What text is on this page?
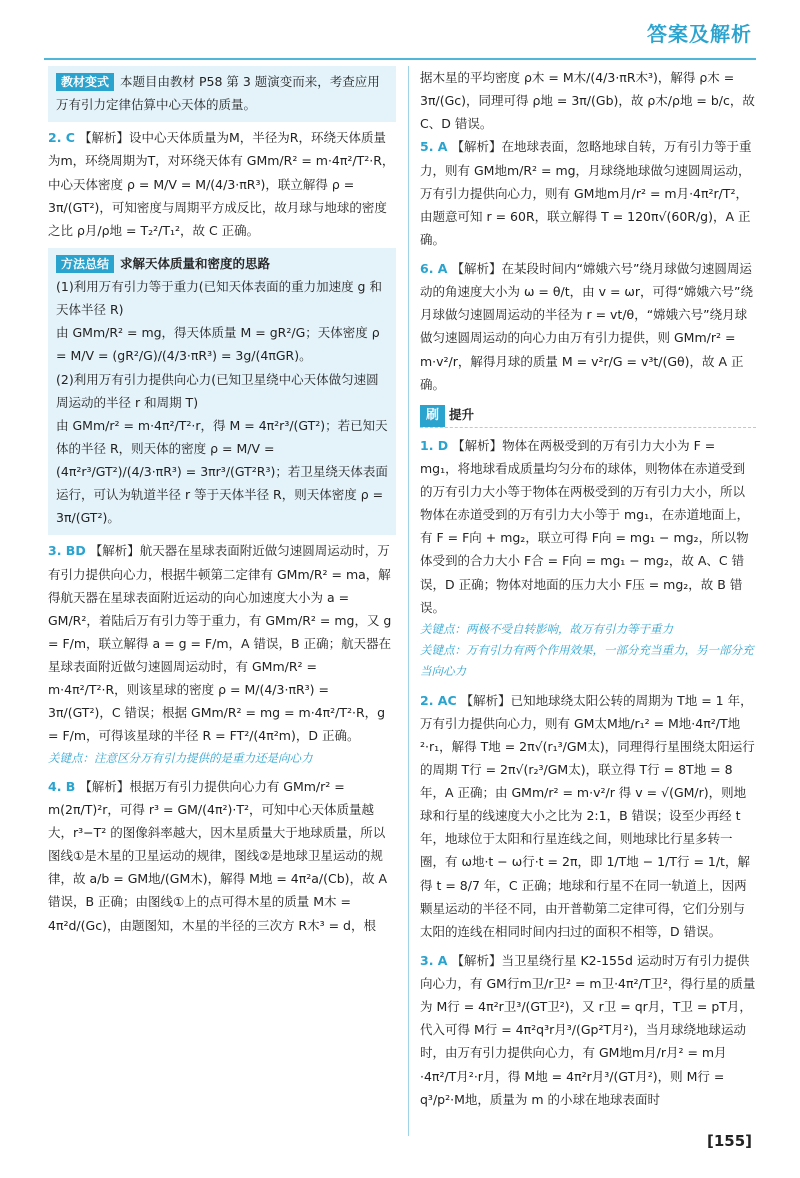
答案及解析
教材变式 本题目由教材 P58 第 3 题演变而来，考查应用万有引力定律估算中心天体的质量。
2. C 【解析】设中心天体质量为M，半径为R，环绕天体质量为m，环绕周期为T，对环绕天体有 GMm/R² = m·4π²/T²·R，中心天体密度 ρ = M/V = M/(4/3·πR³)，联立解得 ρ = 3π/(GT²)，可知密度与周期平方成反比，故月球与地球的密度之比 ρ月/ρ地 = T₂²/T₁²，故 C 正确。
方法总结 求解天体质量和密度的思路

(1)利用万有引力等于重力(已知天体表面的重力加速度 g 和天体半径 R)

由 GMm/R² = mg，得天体质量 M = gR²/G；天体密度 ρ = M/V = (gR²/G)/(4/3·πR³) = 3g/(4πGR)。

(2)利用万有引力提供向心力(已知卫星绕中心天体做匀速圆周运动的半径 r 和周期 T)

由 GMm/r² = m·4π²/T²·r，得 M = 4π²r³/(GT²)；若已知天体的半径 R，则天体的密度 ρ = M/V = (4π²r³/GT²)/(4/3·πR³) = 3πr³/(GT²R³)；若卫星绕天体表面运行，可认为轨道半径 r 等于天体半径 R，则天体密度 ρ = 3π/(GT²)。

3. BD 【解析】航天器在星球表面附近做匀速圆周运动时，万有引力提供向心力，根据牛顿第二定律有 GMm/R² = ma，解得航天器在星球表面附近运动的向心加速度大小为 a = GM/R²，着陆后万有引力等于重力，有 GMm/R² = mg，又 g = F/m，联立解得 a = g = F/m，A 错误，B 正确；航天器在星球表面附近做匀速圆周运动时，有 GMm/R² = m·4π²/T²·R，则该星球的密度 ρ = M/(4/3·πR³) = 3π/(GT²)，C 错误；根据 GMm/R² = mg = m·4π²/T²·R，g = F/m，可得该星球的半径 R = FT²/(4π²m)，D 正确。
关键点：注意区分万有引力提供的是重力还是向心力
4. B 【解析】根据万有引力提供向心力有 GMm/r² = m(2π/T)²r，可得 r³ = GM/(4π²)·T²，可知中心天体质量越大，r³−T² 的图像斜率越大，因木星质量大于地球质量，所以图线①是木星的卫星运动的规律，图线②是地球卫星运动的规律，故 a/b = GM地/(GM木)，解得 M地 = 4π²a/(Cb)，故 A 错误，B 正确；由图线①上的点可得木星的质量 M木 = 4π²d/(Gc)，由题图知，木星的半径的三次方 R木³ = d，根

据木星的平均密度 ρ木 = M木/(4/3·πR木³)，解得 ρ木 = 3π/(Gc)，同理可得 ρ地 = 3π/(Gb)，故 ρ木/ρ地 = b/c，故 C、D 错误。

5. A 【解析】在地球表面，忽略地球自转，万有引力等于重力，则有 GM地m/R² = mg，月球绕地球做匀速圆周运动，万有引力提供向心力，则有 GM地m月/r² = m月·4π²r/T²，由题意可知 r = 60R，联立解得 T = 120π√(60R/g)，A 正确。
6. A 【解析】在某段时间内“嫦娥六号”绕月球做匀速圆周运动的角速度大小为 ω = θ/t，由 v = ωr，可得“嫦娥六号”绕月球做匀速圆周运动的半径为 r = vt/θ，“嫦娥六号”绕月球做匀速圆周运动的向心力由万有引力提供，则 GMm/r² = m·v²/r，解得月球的质量 M = v²r/G = v³t/(Gθ)，故 A 正确。
刷 提升
1. D 【解析】物体在两极受到的万有引力大小为 F = mg₁，将地球看成质量均匀分布的球体，则物体在赤道受到的万有引力大小等于物体在两极受到的万有引力大小，所以物体在赤道受到的万有引力大小等于 mg₁，在赤道地面上，有 F = F向 + mg₂，联立可得 F向 = mg₁ − mg₂，所以物体受到的合力大小 F合 = F向 = mg₁ − mg₂，故 A、C 错误，D 正确；物体对地面的压力大小 F压 = mg₂，故 B 错误。
关键点：两极不受自转影响，故万有引力等于重力
关键点：万有引力有两个作用效果，一部分充当重力，另一部分充当向心力
2. AC 【解析】已知地球绕太阳公转的周期为 T地 = 1 年，万有引力提供向心力，则有 GM太M地/r₁² = M地·4π²/T地²·r₁，解得 T地 = 2π√(r₁³/GM太)，同理得行星围绕太阳运行的周期 T行 = 2π√(r₂³/GM太)，联立得 T行 = 8T地 = 8 年，A 正确；由 GMm/r² = m·v²/r 得 v = √(GM/r)，则地球和行星的线速度大小之比为 2:1，B 错误；设至少再经 t 年，地球位于太阳和行星连线之间，则地球比行星多转一圈，有 ω地·t − ω行·t = 2π，即 1/T地 − 1/T行 = 1/t，解得 t = 8/7 年，C 正确；地球和行星不在同一轨道上，因两颗星运动的半径不同，由开普勒第二定律可得，它们分别与太阳的连线在相同时间内扫过的面积不相等，D 错误。
3. A 【解析】当卫星绕行星 K2-155d 运动时万有引力提供向心力，有 GM行m卫/r卫² = m卫·4π²/T卫²，得行星的质量为 M行 = 4π²r卫³/(GT卫²)，又 r卫 = qr月，T卫 = pT月，代入可得 M行 = 4π²q³r月³/(Gp²T月²)，当月球绕地球运动时，由万有引力提供向心力，有 GM地m月/r月² = m月·4π²/T月²·r月，得 M地 = 4π²r月³/(GT月²)，则 M行 = q³/p²·M地，质量为 m 的小球在地球表面时
[155]
